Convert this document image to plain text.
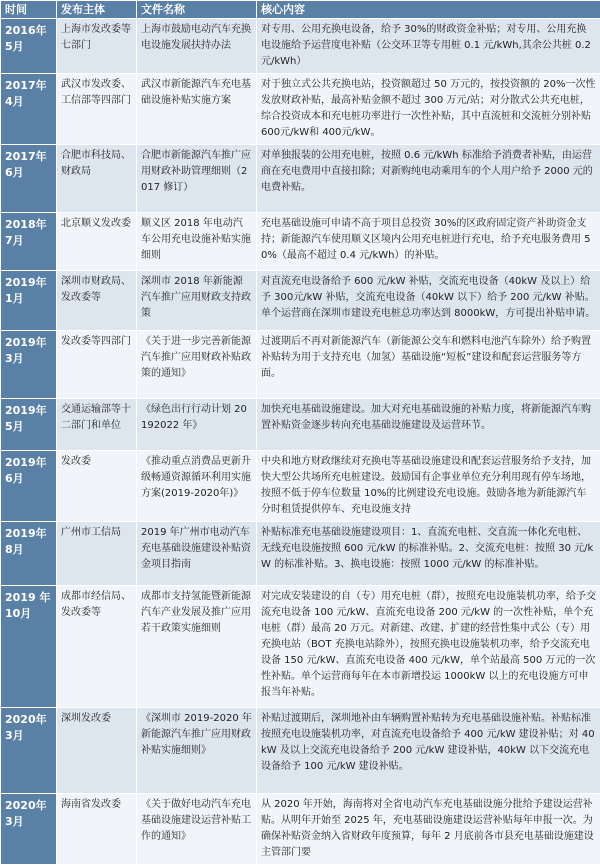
时间	发布主体	文件名称	核心内容
2016年5月	上海市发改委等七部门	上海市鼓励电动汽车充换电设施发展扶持办法	对专用、公用充换电设备，给予 30%的财政资金补贴；对专用、公用充换电设施给予运营度电补贴（公交环卫等专用桩 0.1 元/kWh,其余公共桩 0.2 元/kWh）
2017年4月	武汉市发改委、工信部等四部门	武汉市新能源汽车充电基础设施补贴实施方案	对于独立式公共充换电站，投资额超过 50 万元的，按投资额的 20%一次性发放财政补贴，最高补贴金额不超过 300 万元/站；对分散式公共充电桩，综合投资成本和充电桩功率进行一次性补贴，其中直流桩和交流桩分别补贴600元/kW和 400元/kW。
2017年6月	合肥市科技局、财政局	合肥市新能源汽车推广应用财政补助管理细则（2017 修订）	对单独报装的公用充电桩，按照 0.6 元/kWh 标准给予消费者补贴，由运营商在充电费用中直接扣除；对新购纯电动乘用车的个人用户给予 2000 元的电费补贴。
2018年7月	北京顺义发改委	顺义区 2018 年电动汽车公用充电设施补贴实施细则	充电基础设施可申请不高于项目总投资 30%的区政府固定资产补助资金支持；新能源汽车使用顺义区境内公用充电桩进行充电，给予充电服务费用 50%（最高不超过 0.4 元/kWh）的补贴。
2019年1月	深圳市财政局、发改委等	深圳市 2018 年新能源汽车推广应用财政支持政策	对直流充电设备给予 600 元/kW 补贴，交流充电设备（40kW 及以上）给予 300元/kW 补贴，交流充电设备（40kW 以下）给予 200 元/kW 补贴。单个运营商在深圳市建设充电桩总功率达到 8000kW，方可提出补贴申请。
2019年3月	发改委等四部门	《关于进一步完善新能源汽车推广应用财政补贴政策的通知》	过渡期后不再对新能源汽车（新能源公交车和燃料电池汽车除外）给予购置补贴转为用于支持充电（加氢）基础设施“短板”建设和配套运营服务等方面。
2019年5月	交通运输部等十二部门和单位	《绿色出行行动计划 20192022 年》	加快充电基础设施建设。加大对充电基础设施的补贴力度，将新能源汽车购置补贴资金逐步转向充电基础设施建设及运营环节。
2019年6月	发改委	《推动重点消费品更新升级畅通资源循环利用实施方案(2019-2020年)》	中央和地方财政继续对充换电等基础设施建设和配套运营服务给予支持，加快大型公共场所充电桩建设。鼓励国有企事业单位充分利用现有停车场地，按照不低于停车位数量 10%的比例建设充电设施。鼓励各地为新能源汽车分时租赁提供停车、充电设施支持
2019年8月	广州市工信局	2019 年广州市电动汽车充电基础设施建设补贴资金项目指南	补贴标准充电基础设施建设项目：1、直流充电桩、交直流一体化充电桩、无线充电设施按照 600 元/kW 的标准补贴。2、交流充电桩：按照 30 元/kW 的标准补贴。3、换电设施：按照 1000 元/kW 的标准补贴。
2019 年 10月	成都市经信局、发改委等	成都市支持氢能暨新能源汽车产业发展及推广应用若干政策实施细则	对完成安装建设的自（专）用充电桩（群），按照充电设施装机功率，给予交流充电设备 100 元/kW、直流充电设备 200 元/kW 的一次性补贴，单个充电桩（群）最高 20 万元。对新建、改建、扩建的经营性集中式公（专）用充换电站（BOT 充换电站除外），按照充换电设施装机功率，给予交流充电设备 150 元/kW、直流充电设备 400 元/kW，单个站最高 500 万元的一次性补贴。单个运营商每年在本市新增投运 1000kW 以上的充电设施方可申报当年补贴。
2020年3月	深圳发改委	《深圳市 2019-2020 年新能源汽车推广应用财政补贴实施细则》	补贴过渡期后，深圳地补由车辆购置补贴转为充电基础设施补贴。补贴标准按照充电设施装机功率，对直流充电设备给予 400 元/kW 建设补贴；对 40kW 及以上交流充电设备给予 200 元/kW 建设补贴，40kW 以下交流充电设备给予 100 元/kW 建设补贴。
2020年3月	海南省发改委	《关于做好电动汽车充电基础设施建设运营补贴工作的通知》	从 2020 年开始，海南将对全省电动汽车充电基础设施分批给予建设运营补贴。从明年开始至 2025 年，充电基础设施建设运营补贴每年申报一次。为确保补贴资金纳入省财政年度预算，每年 2 月底前各市县充电基础设施建设主管部门要
